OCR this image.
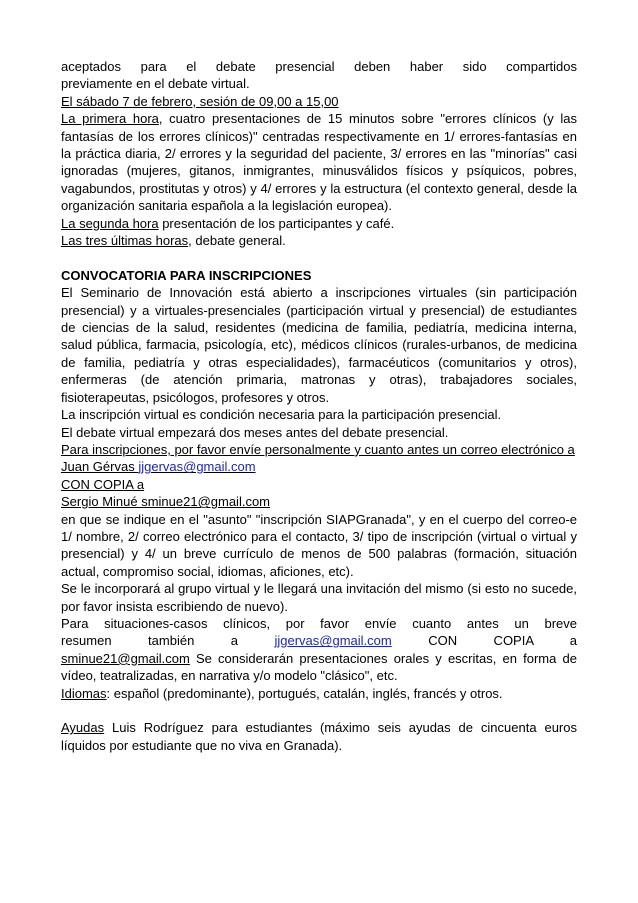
aceptados para el debate presencial deben haber sido compartidos

previamente en el debate virtual.

El sábado 7 de febrero, sesión de 09,00 a 15,00

La primera hora, cuatro presentaciones de 15 minutos sobre "errores clínicos (y las fantasías de los errores clínicos)" centradas respectivamente en 1/ errores-fantasías en la práctica diaria, 2/ errores y la seguridad del paciente, 3/ errores en las "minorías" casi ignoradas (mujeres, gitanos, inmigrantes, minusválidos físicos y psíquicos, pobres, vagabundos, prostitutas y otros) y 4/ errores y la estructura (el contexto general, desde la organización sanitaria española a la legislación europea).

La segunda hora presentación de los participantes y café.

Las tres últimas horas, debate general.

CONVOCATORIA PARA INSCRIPCIONES

El Seminario de Innovación está abierto a inscripciones virtuales (sin participación presencial) y a virtuales-presenciales (participación virtual y presencial) de estudiantes de ciencias de la salud, residentes (medicina de familia, pediatría, medicina interna, salud pública, farmacia, psicología, etc), médicos clínicos (rurales-urbanos, de medicina de familia, pediatría y otras especialidades), farmacéuticos (comunitarios y otros), enfermeras (de atención primaria, matronas y otras), trabajadores sociales, fisioterapeutas, psicólogos, profesores y otros.

La inscripción virtual es condición necesaria para la participación presencial.

El debate virtual empezará dos meses antes del debate presencial.

Para inscripciones, por favor envíe personalmente y cuanto antes un correo electrónico a

Juan Gérvas jjgervas@gmail.com

CON COPIA a

Sergio Minué sminue21@gmail.com

en que se indique en el "asunto" "inscripción SIAPGranada", y en el cuerpo del correo-e 1/ nombre, 2/ correo electrónico para el contacto, 3/ tipo de inscripción (virtual o virtual y presencial) y 4/ un breve currículo de menos de 500 palabras (formación, situación actual, compromiso social, idiomas, aficiones, etc).

Se le incorporará al grupo virtual y le llegará una invitación del mismo (si esto no sucede, por favor insista escribiendo de nuevo).

Para situaciones-casos clínicos, por favor envíe cuanto antes un breve

resumen también a jjgervas@gmail.com CON COPIA a

sminue21@gmail.com Se considerarán presentaciones orales y escritas, en forma de vídeo, teatralizadas, en narrativa y/o modelo "clásico", etc.

Idiomas: español (predominante), portugués, catalán, inglés, francés y otros.

Ayudas Luis Rodríguez para estudiantes (máximo seis ayudas de cincuenta euros líquidos por estudiante que no viva en Granada).
